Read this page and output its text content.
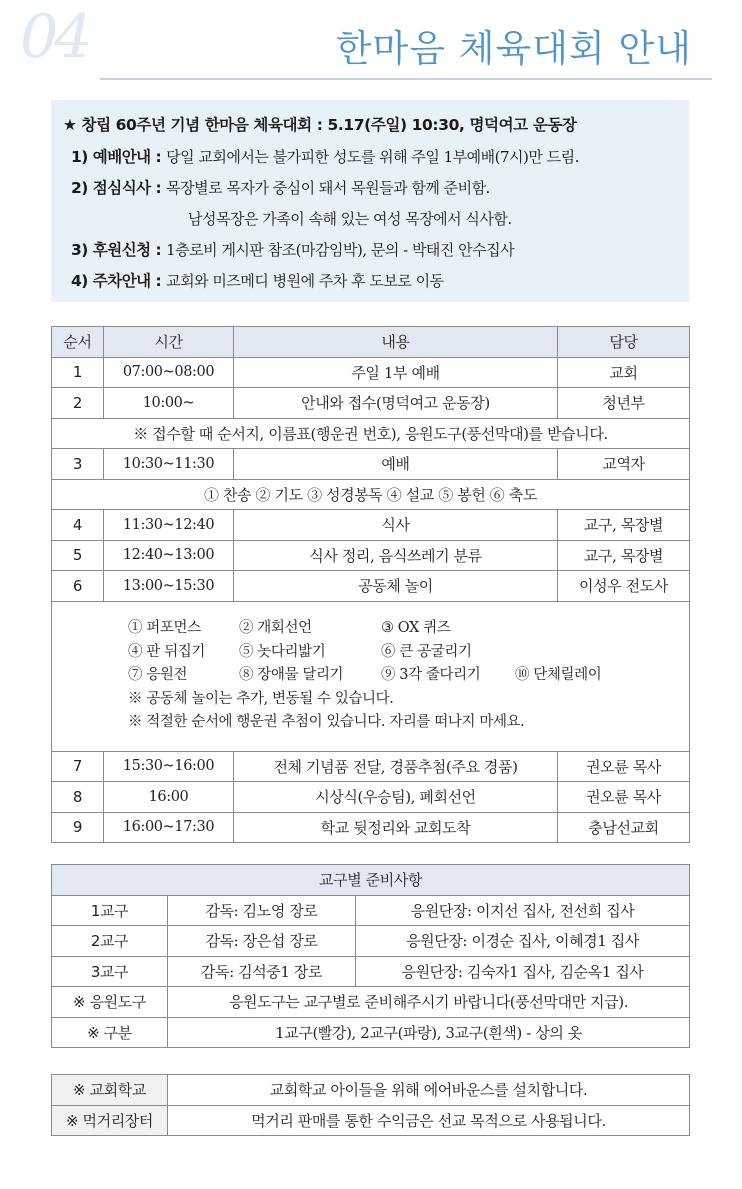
04	한마음 체육대회 안내
★ 창립 60주년 기념 한마음 체육대회 : 5.17(주일) 10:30, 명덕여고 운동장
1) 예배안내 : 당일 교회에서는 불가피한 성도를 위해 주일 1부예배(7시)만 드림.
2) 점심식사 : 목장별로 목자가 중심이 돼서 목원들과 함께 준비함.
남성목장은 가족이 속해 있는 여성 목장에서 식사함.
3) 후원신청 : 1층로비 게시판 참조(마감임박), 문의 - 박태진 안수집사
4) 주차안내 : 교회와 미즈메디 병원에 주차 후 도보로 이동
순서	시간	내용	담당
1	07:00~08:00	주일 1부 예배	교회
2	10:00~	안내와 접수(명덕여고 운동장)	청년부
※ 접수할 때 순서지, 이름표(행운권 번호), 응원도구(풍선막대)를 받습니다.			
3	10:30~11:30	예배	교역자
① 찬송 ② 기도 ③ 성경봉독 ④ 설교 ⑤ 봉헌 ⑥ 축도			
4	11:30~12:40	식사	교구, 목장별
5	12:40~13:00	식사 정리, 음식쓰레기 분류	교구, 목장별
6	13:00~15:30	공동체 놀이	이성우 전도사

① 퍼포먼스 ② 개회선언 ③ OX 퀴즈
④ 판 뒤집기 ⑤ 놋다리밟기 ⑥ 큰 공굴리기
⑦ 응원전 ⑧ 장애물 달리기 ⑨ 3각 줄다리기 ⑩ 단체릴레이
※ 공동체 놀이는 추가, 변동될 수 있습니다.
※ 적절한 순서에 행운권 추첨이 있습니다. 자리를 떠나지 마세요.			

7	15:30~16:00	전체 기념품 전달, 경품추첨(주요 경품)	권오륜 목사
8	16:00	시상식(우승팀), 폐회선언	권오륜 목사
9	16:00~17:30	학교 뒷정리와 교회도착	충남선교회
교구별 준비사항		
1교구	감독: 김노영 장로	응원단장: 이지선 집사, 전선희 집사
2교구	감독: 장은섭 장로	응원단장: 이경순 집사, 이혜경1 집사
3교구	감독: 김석중1 장로	응원단장: 김숙자1 집사, 김순옥1 집사
※ 응원도구	응원도구는 교구별로 준비해주시기 바랍니다(풍선막대만 지급).	
※ 구분	1교구(빨강), 2교구(파랑), 3교구(흰색) - 상의 옷	
※ 교회학교	교회학교 아이들을 위해 에어바운스를 설치합니다.
※ 먹거리장터	먹거리 판매를 통한 수익금은 선교 목적으로 사용됩니다.
